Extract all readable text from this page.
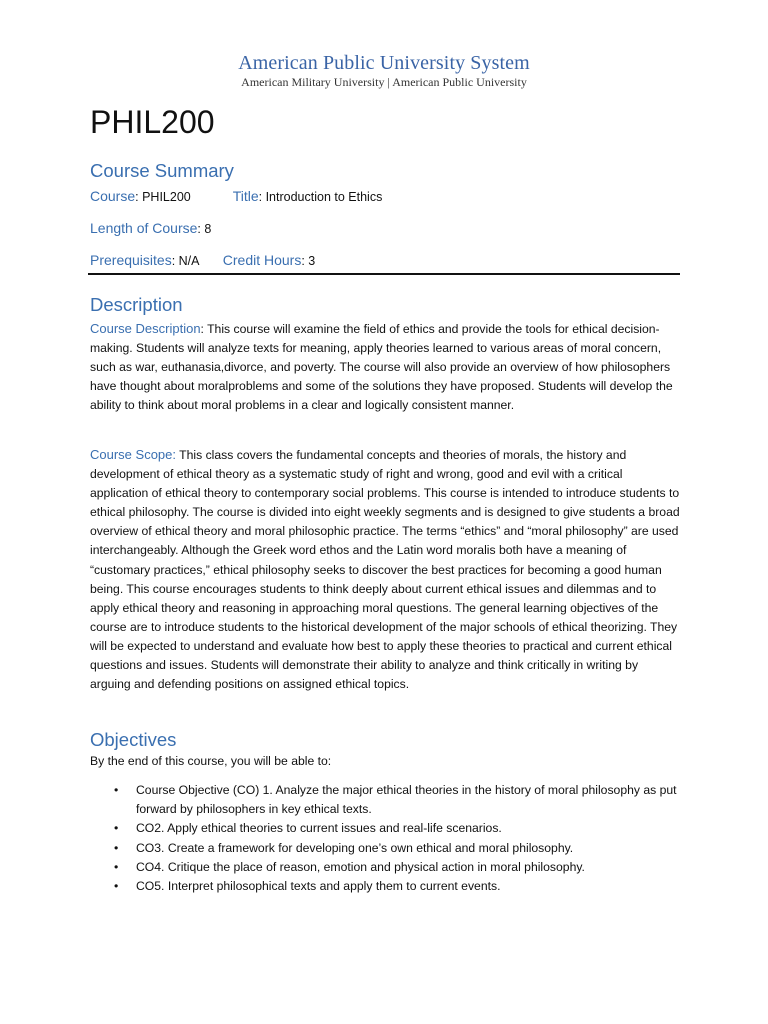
American Public University System
American Military University | American Public University
PHIL200
Course Summary
Course: PHIL200	Title: Introduction to Ethics
Length of Course: 8
Prerequisites: N/A Credit Hours: 3
Description
Course Description: This course will examine the field of ethics and provide the tools for ethical decision-making. Students will analyze texts for meaning, apply theories learned to various areas of moral concern, such as war, euthanasia,divorce, and poverty. The course will also provide an overview of how philosophers have thought about moralproblems and some of the solutions they have proposed. Students will develop the ability to think about moral problems in a clear and logically consistent manner.
Course Scope: This class covers the fundamental concepts and theories of morals, the history and development of ethical theory as a systematic study of right and wrong, good and evil with a critical application of ethical theory to contemporary social problems. This course is intended to introduce students to ethical philosophy. The course is divided into eight weekly segments and is designed to give students a broad overview of ethical theory and moral philosophic practice. The terms “ethics” and “moral philosophy” are used interchangeably. Although the Greek word ethos and the Latin word moralis both have a meaning of “customary practices,” ethical philosophy seeks to discover the best practices for becoming a good human being. This course encourages students to think deeply about current ethical issues and dilemmas and to apply ethical theory and reasoning in approaching moral questions. The general learning objectives of the course are to introduce students to the historical development of the major schools of ethical theorizing. They will be expected to understand and evaluate how best to apply these theories to practical and current ethical questions and issues. Students will demonstrate their ability to analyze and think critically in writing by arguing and defending positions on assigned ethical topics.
Objectives
By the end of this course, you will be able to:
• Course Objective (CO) 1. Analyze the major ethical theories in the history of moral philosophy as put forward by philosophers in key ethical texts.
• CO2. Apply ethical theories to current issues and real-life scenarios.
• CO3. Create a framework for developing one’s own ethical and moral philosophy.
• CO4. Critique the place of reason, emotion and physical action in moral philosophy.
• CO5. Interpret philosophical texts and apply them to current events.
